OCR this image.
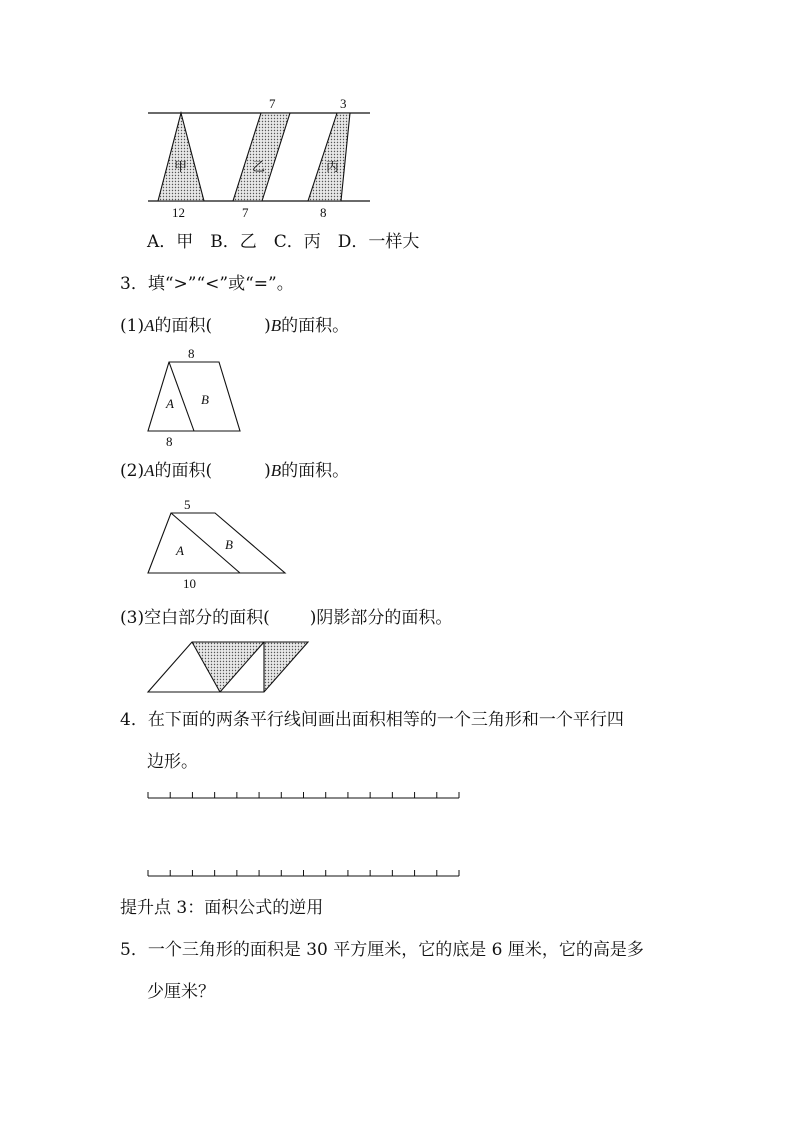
7	3
12	7	8
甲	乙	丙
A．甲　B．乙　C．丙　D．一样大
3．填“>”“<”或“=”。
(1)A的面积(	)B的面积。
8
8
A B
(2)A的面积(	)B的面积。
5
10
A	B
(3)空白部分的面积( )阴影部分的面积。
4．在下面的两条平行线间画出面积相等的一个三角形和一个平行四
边形。
提升点 3：面积公式的逆用
5．一个三角形的面积是 30 平方厘米，它的底是 6 厘米，它的高是多
少厘米？
